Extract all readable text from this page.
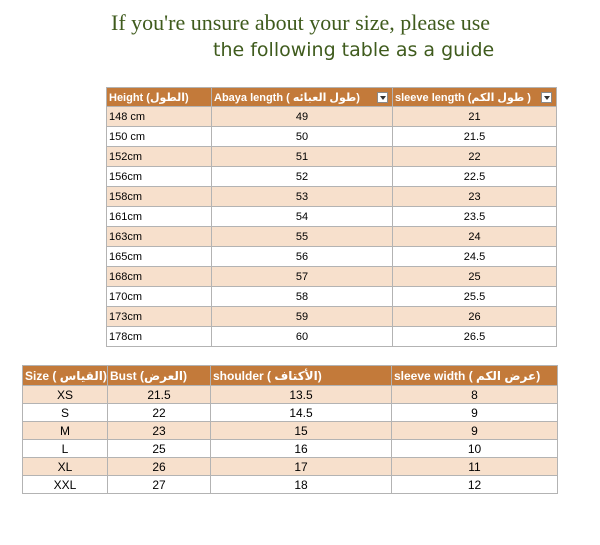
If you're unsure about your size, please use
the following table as a guide
Height (الطول)	Abaya length ( طول العبائه)	sleeve length (طول الكم )

148 cm	49	21
150 cm	50	21.5
152cm	51	22
156cm	52	22.5
158cm	53	23
161cm	54	23.5
163cm	55	24
165cm	56	24.5
168cm	57	25
170cm	58	25.5
173cm	59	26
178cm	60	26.5
Size ( القياس)	Bust (العرض)	shoulder ( الأكتاف)	sleeve width ( عرض الكم)
XS	21.5	13.5	8
S	22	14.5	9
M	23	15	9
L	25	16	10
XL	26	17	11
XXL	27	18	12
